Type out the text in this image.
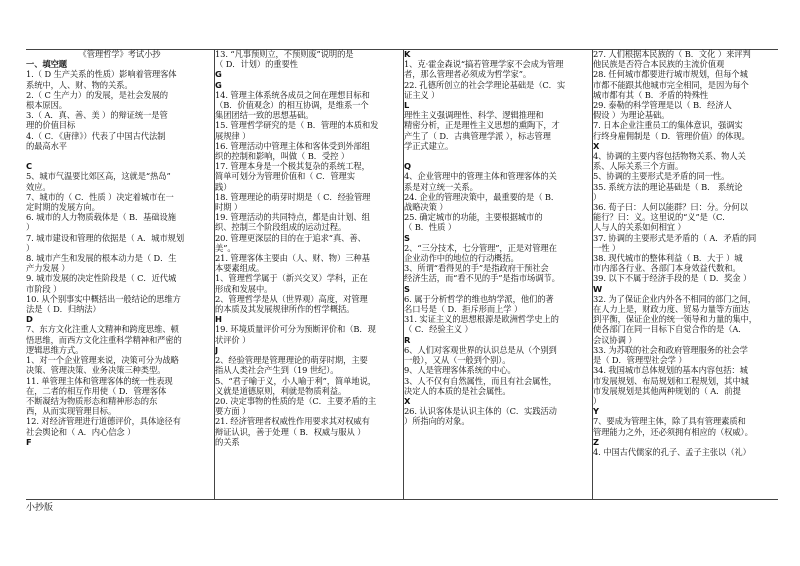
《管理哲学》考试小抄
一、填空题
1.（ D 生产关系的性质）影响着管理客体
系统中，人、财、物的关系。
2.（ C 生产力）的发展，是社会发展的
根本原因。
3.（ A．真、善、美 ）的辩证统一是管
理的价值目标
4.（ C．《唐律》）代表了中国古代法制
的最高水平

C
5、城市气温要比郊区高，这就是“热岛”
效应。
7、城市的（ C．性质 ）决定着城市在一
定时期的发展方向。
6. 城市的人力物质载体是（ B．基础设施
）
7. 城市建设和管理的依据是（ A．城市规划
）
8. 城市产生和发展的根本动力是（ D．生
产力发展 ）
9. 城市发展的决定性阶段是（ C．近代城
市阶段 ）
10. 从个别事实中概括出一般结论的思维方
法是（ D．归纳法）
D
7、东方文化注重人文精神和跨度思维、顿
悟思维，而西方文化注重科学精神和严密的
逻辑思维方式。
1、对一个企业管理来说，决策可分为战略
决策、管理决策、业务决策三种类型。
11. 单管理主体和管理客体的统一性表现
在，二者的相互作用使（ D．管理客体
不断凝结为物质形态和精神形态的东
西，从而实现管理目标。
12. 对经济管理进行道德评价，具体途径有
社会舆论和（ A．内心信念 ）
F
13. “凡事预则立，不预则废”说明的是
（ D．计划）的重要性
G
G
14. 管理主体系统各成员之间在理想目标和
（B．价值观念）的相互协调，是维系一个
集团团结一致的思想基础。
15. 管理哲学研究的是（ B．管理的本质和发
展规律 ）
16. 管理活动中管理主体和客体受到外部组
织的控制和影响，叫做（ B．受控 ）
17. 管理本身是一个极其复杂的系统工程，
简单可划分为管理价值和（ C．管理实
践）
18. 管理理论的萌芽时期是（ C．经验管理
时期 ）
19. 管理活动的共同特点，都是由计划、组
织、控制三个阶段组成的运动过程。
20. 管理更深层的目的在于追求“真、善、
美”。
21. 管理客体主要由（人、财、物）三种基
本要素组成。
1、管理哲学属于（新兴交叉）学科，正在
形成和发展中。
2、管理哲学是从（世界观）高度，对管理
的本质及其发展规律所作的哲学概括。
H
19. 环境质量评价可分为预断评价和（B．现
状评价 ）
J
2、经验管理是管理理论的萌芽时期，主要
指从人类社会产生到（19 世纪）。
5、“君子喻于义，小人喻于利”，简单地说，
义就是道德原则，利就是物质利益。
20. 决定事物的性质的是（C．主要矛盾的主
要方面 ）
21. 经济管理者权威性作用要求其对权威有
辩证认识，善于处理（ B．权威与服从 ）
的关系
K
1、克·霍金森说“搞若管理学家不会成为管理
者，那么管理者必须成为哲学家”。
22. 孔德所创立的社会学理论基础是（C．实
证主义 ）
L
理性主义强调理性、科学、逻辑推理和
精密分析，正是理性主义思想的熏陶下，才
产生了（ D．古典管理学派 ），标志管理
学正式建立。

Q
4、企业管理中的管理主体和管理客体的关
系是对立统一关系。
24. 企业的管理决策中，最重要的是（ B．
战略决策 ）
25. 确定城市的功能，主要根据城市的
（ B．性质 ）
S
2、“三分技术，七分管理”，正是对管理在
企业动作中的地位的行动概括。
3、所谓“看得见的手”是指政府干预社会
经济生活，而“看不见的手”是指市场调节。
S
6. 属于分析哲学的维也纳学派，他们的著
名口号是（ D．拒斥形而上学 ）
31. 实证主义的思想根源是欧洲哲学史上的
（ C．经验主义 ）
R
6、人们对客观世界的认识总是从（个别到
一般），又从（一般到个别）。
9、人是管理客体系统的中心。
3、人不仅有自然属性，而且有社会属性，
决定人的本质的是社会属性。
X
26. 认识客体是认识主体的（C．实践活动
）所指向的对象。
27. 人们根据本民族的（ B．文化 ）来评判
他民族是否符合本民族的主流价值观
28. 任何城市都要进行城市规划，但每个城
市都不能跟其他城市完全相同，是因为每个
城市都有其（ B．矛盾的特殊性
29. 泰勒的科学管理是以（ B．经济人
假设 ）为理论基础。
7. 日本企业注重员工的集体意识，强调实
行终身雇佣制是（ D．管理价值）的体现。
X
4、协调的主要内容包括物物关系、物人关
系、人际关系三个方面。
5、协调的主要形式是矛盾的同一性。
35. 系统方法的理论基础是（ B． 系统论
）
36. 荀子曰：人何以能群？曰：分。分何以
能行？曰：义。这里说的“义”是（C．
人与人的关系如何相宜 ）
37. 协调的主要形式是矛盾的（ A．矛盾的同
一性 ）
38. 现代城市的整体利益（ B．大于 ）城
市内部各行业、各部门本身效益代数和。
39. 以下不属于经济手段的是（ D．奖金 ）
W
32. 为了保证企业内外各不相同的部门之间，
在人力上是，财政力度、贸易力量等方面达
到平衡，保证企业的统一领导和力量的集中，
使各部门在同一目标下自觉合作的是（A．
会议协调 ）
33. 为苏联的社会和政府管理服务的社会学
是（ D．管理型社会学 ）
34. 我国城市总体规划的基本内容包括：城
市发展规划、布局规划和工程规划，其中城
市发展规划是其他两种规划的（ A．前提
）
Y
7、要成为管理主体，除了具有管理素质和
管理能力之外，还必须拥有相应的（权威）。
Z
4. 中国古代儒家的孔子、孟子主张以（礼）
小抄版
